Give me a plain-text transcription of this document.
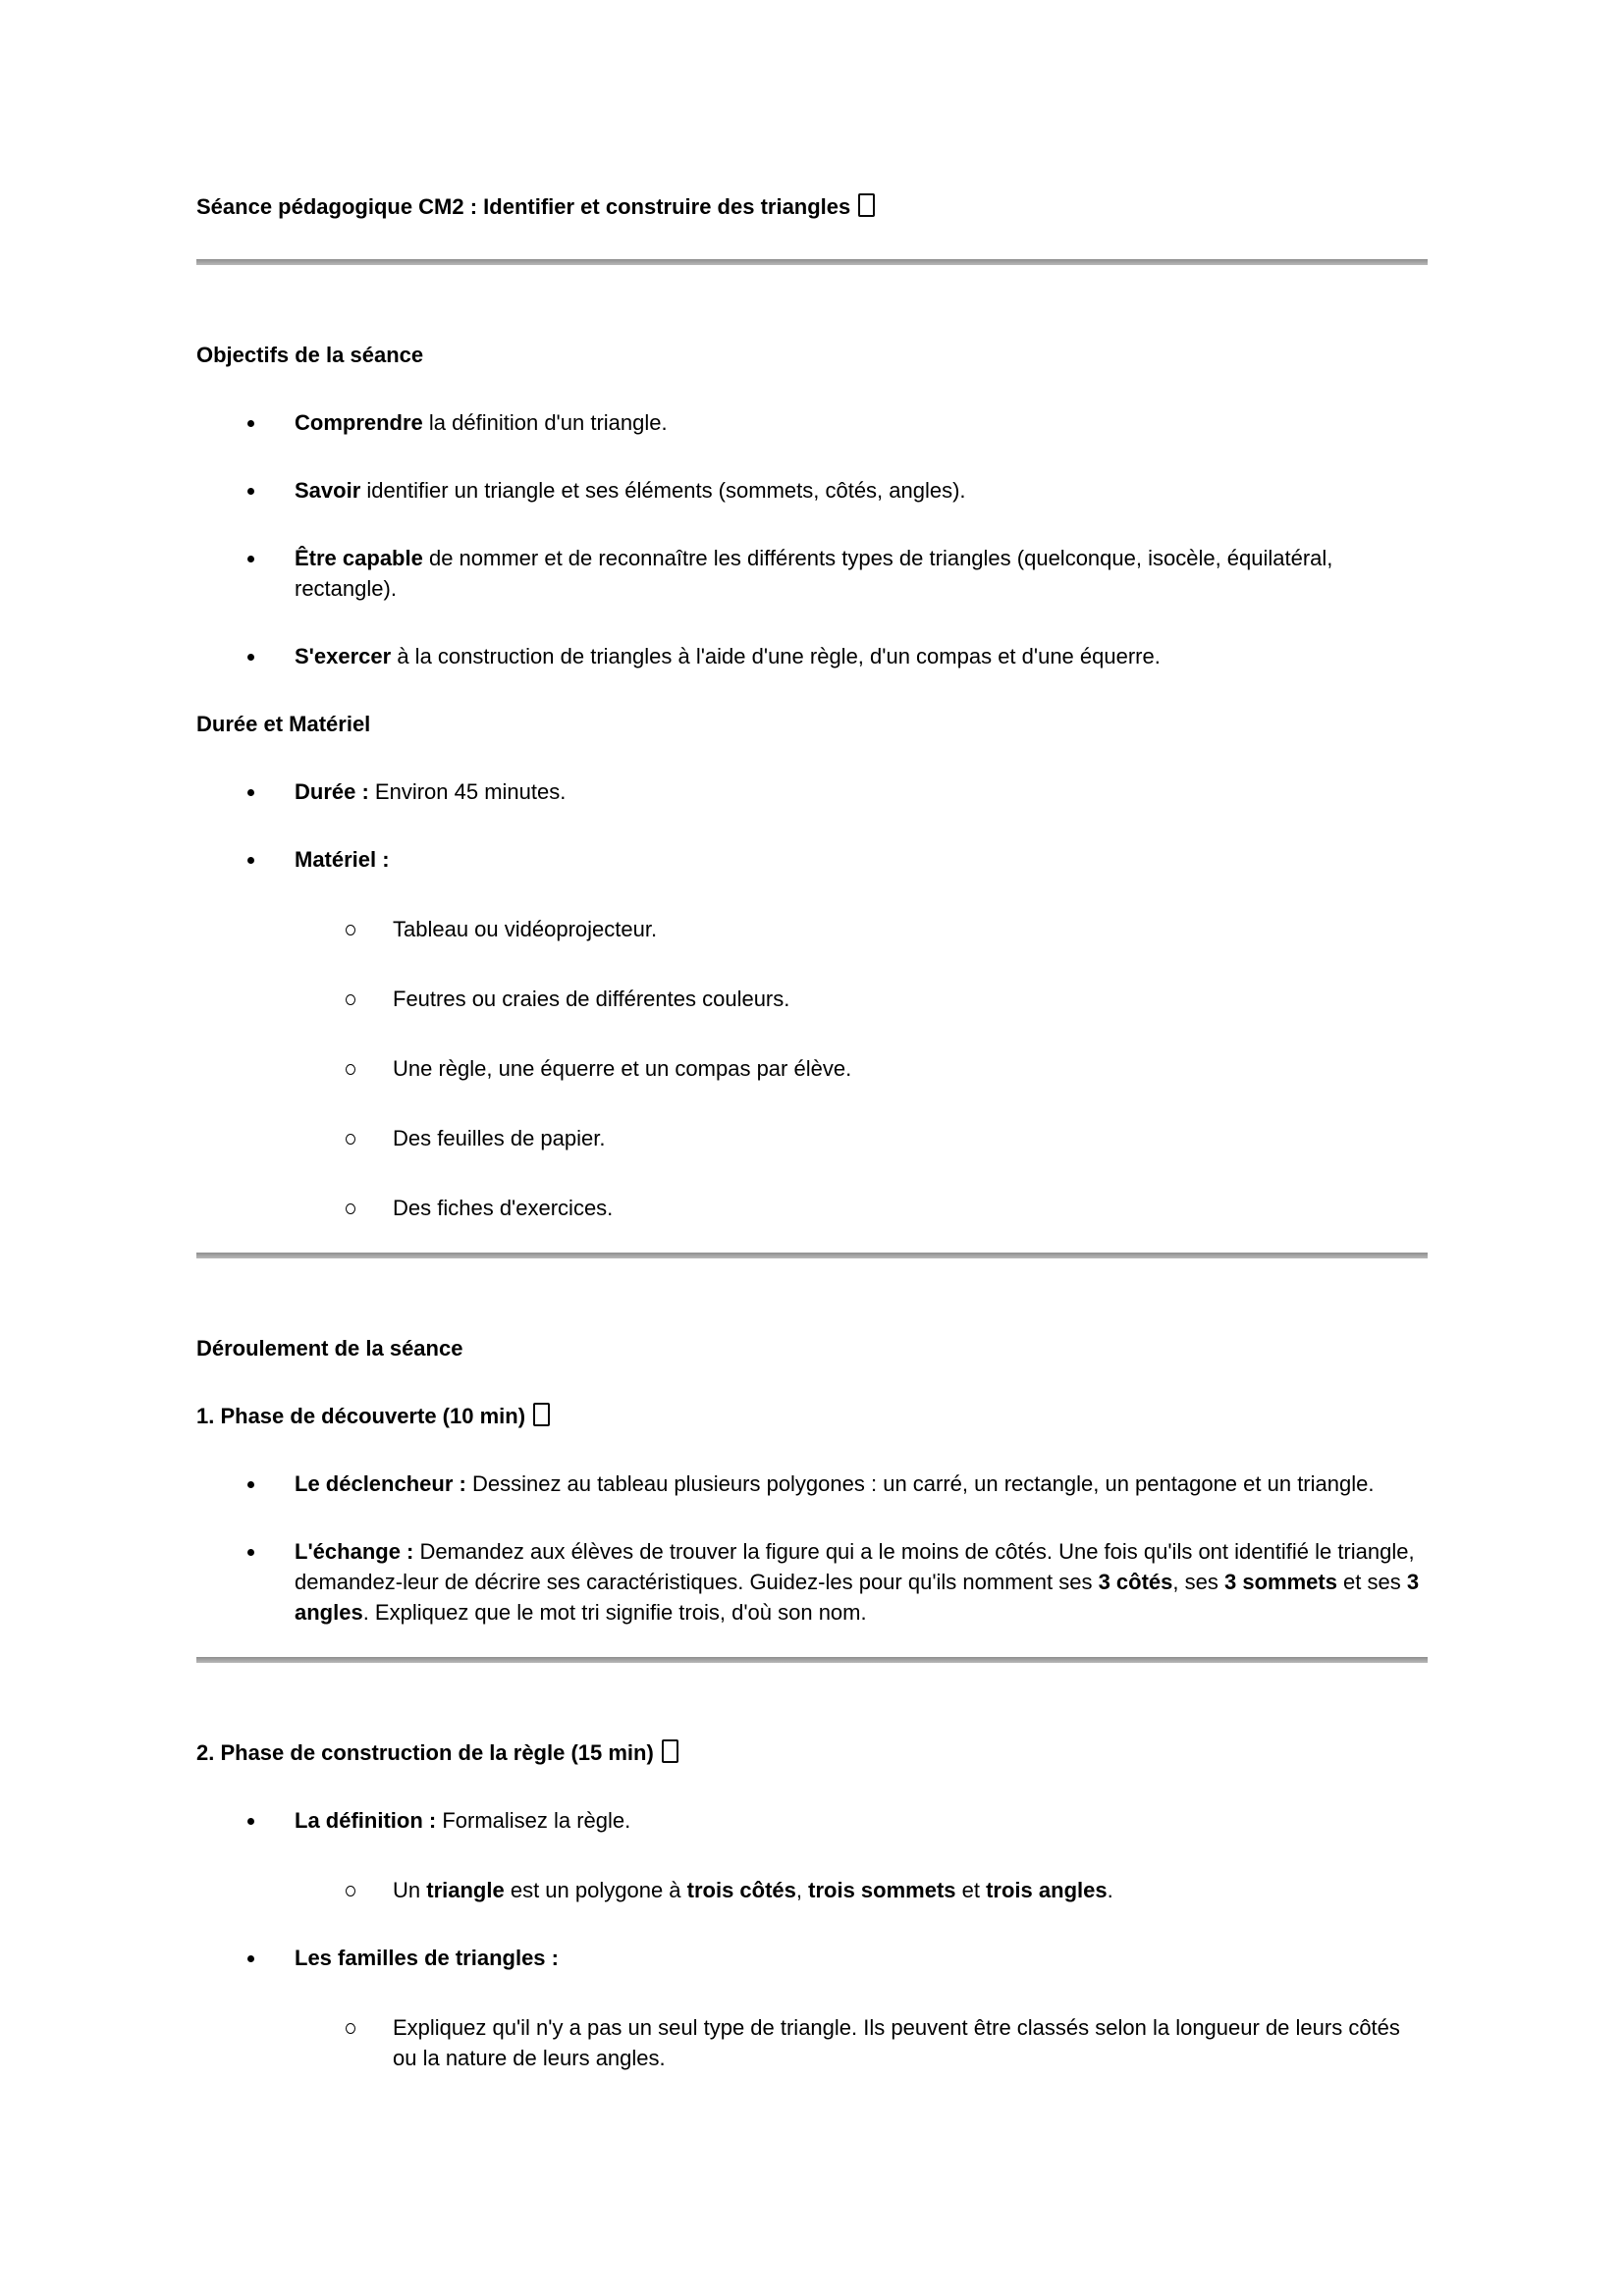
Séance pédagogique CM2 : Identifier et construire des triangles
Objectifs de la séance

Comprendre la définition d'un triangle.

Savoir identifier un triangle et ses éléments (sommets, côtés, angles).

Être capable de nommer et de reconnaître les différents types de triangles (quelconque, isocèle, équilatéral, rectangle).

S'exercer à la construction de triangles à l'aide d'une règle, d'un compas et d'une équerre.

Durée et Matériel

Durée : Environ 45 minutes.

Matériel :

Tableau ou vidéoprojecteur.

Feutres ou craies de différentes couleurs.

Une règle, une équerre et un compas par élève.

Des feuilles de papier.

Des fiches d'exercices.

Déroulement de la séance
1. Phase de découverte (10 min)

Le déclencheur : Dessinez au tableau plusieurs polygones : un carré, un rectangle, un pentagone et un triangle.

L'échange : Demandez aux élèves de trouver la figure qui a le moins de côtés. Une fois qu'ils ont identifié le triangle, demandez-leur de décrire ses caractéristiques. Guidez-les pour qu'ils nomment ses 3 côtés, ses 3 sommets et ses 3 angles. Expliquez que le mot tri signifie trois, d'où son nom.

2. Phase de construction de la règle (15 min)

La définition : Formalisez la règle.

Un triangle est un polygone à trois côtés, trois sommets et trois angles.

Les familles de triangles :

Expliquez qu'il n'y a pas un seul type de triangle. Ils peuvent être classés selon la longueur de leurs côtés ou la nature de leurs angles.
